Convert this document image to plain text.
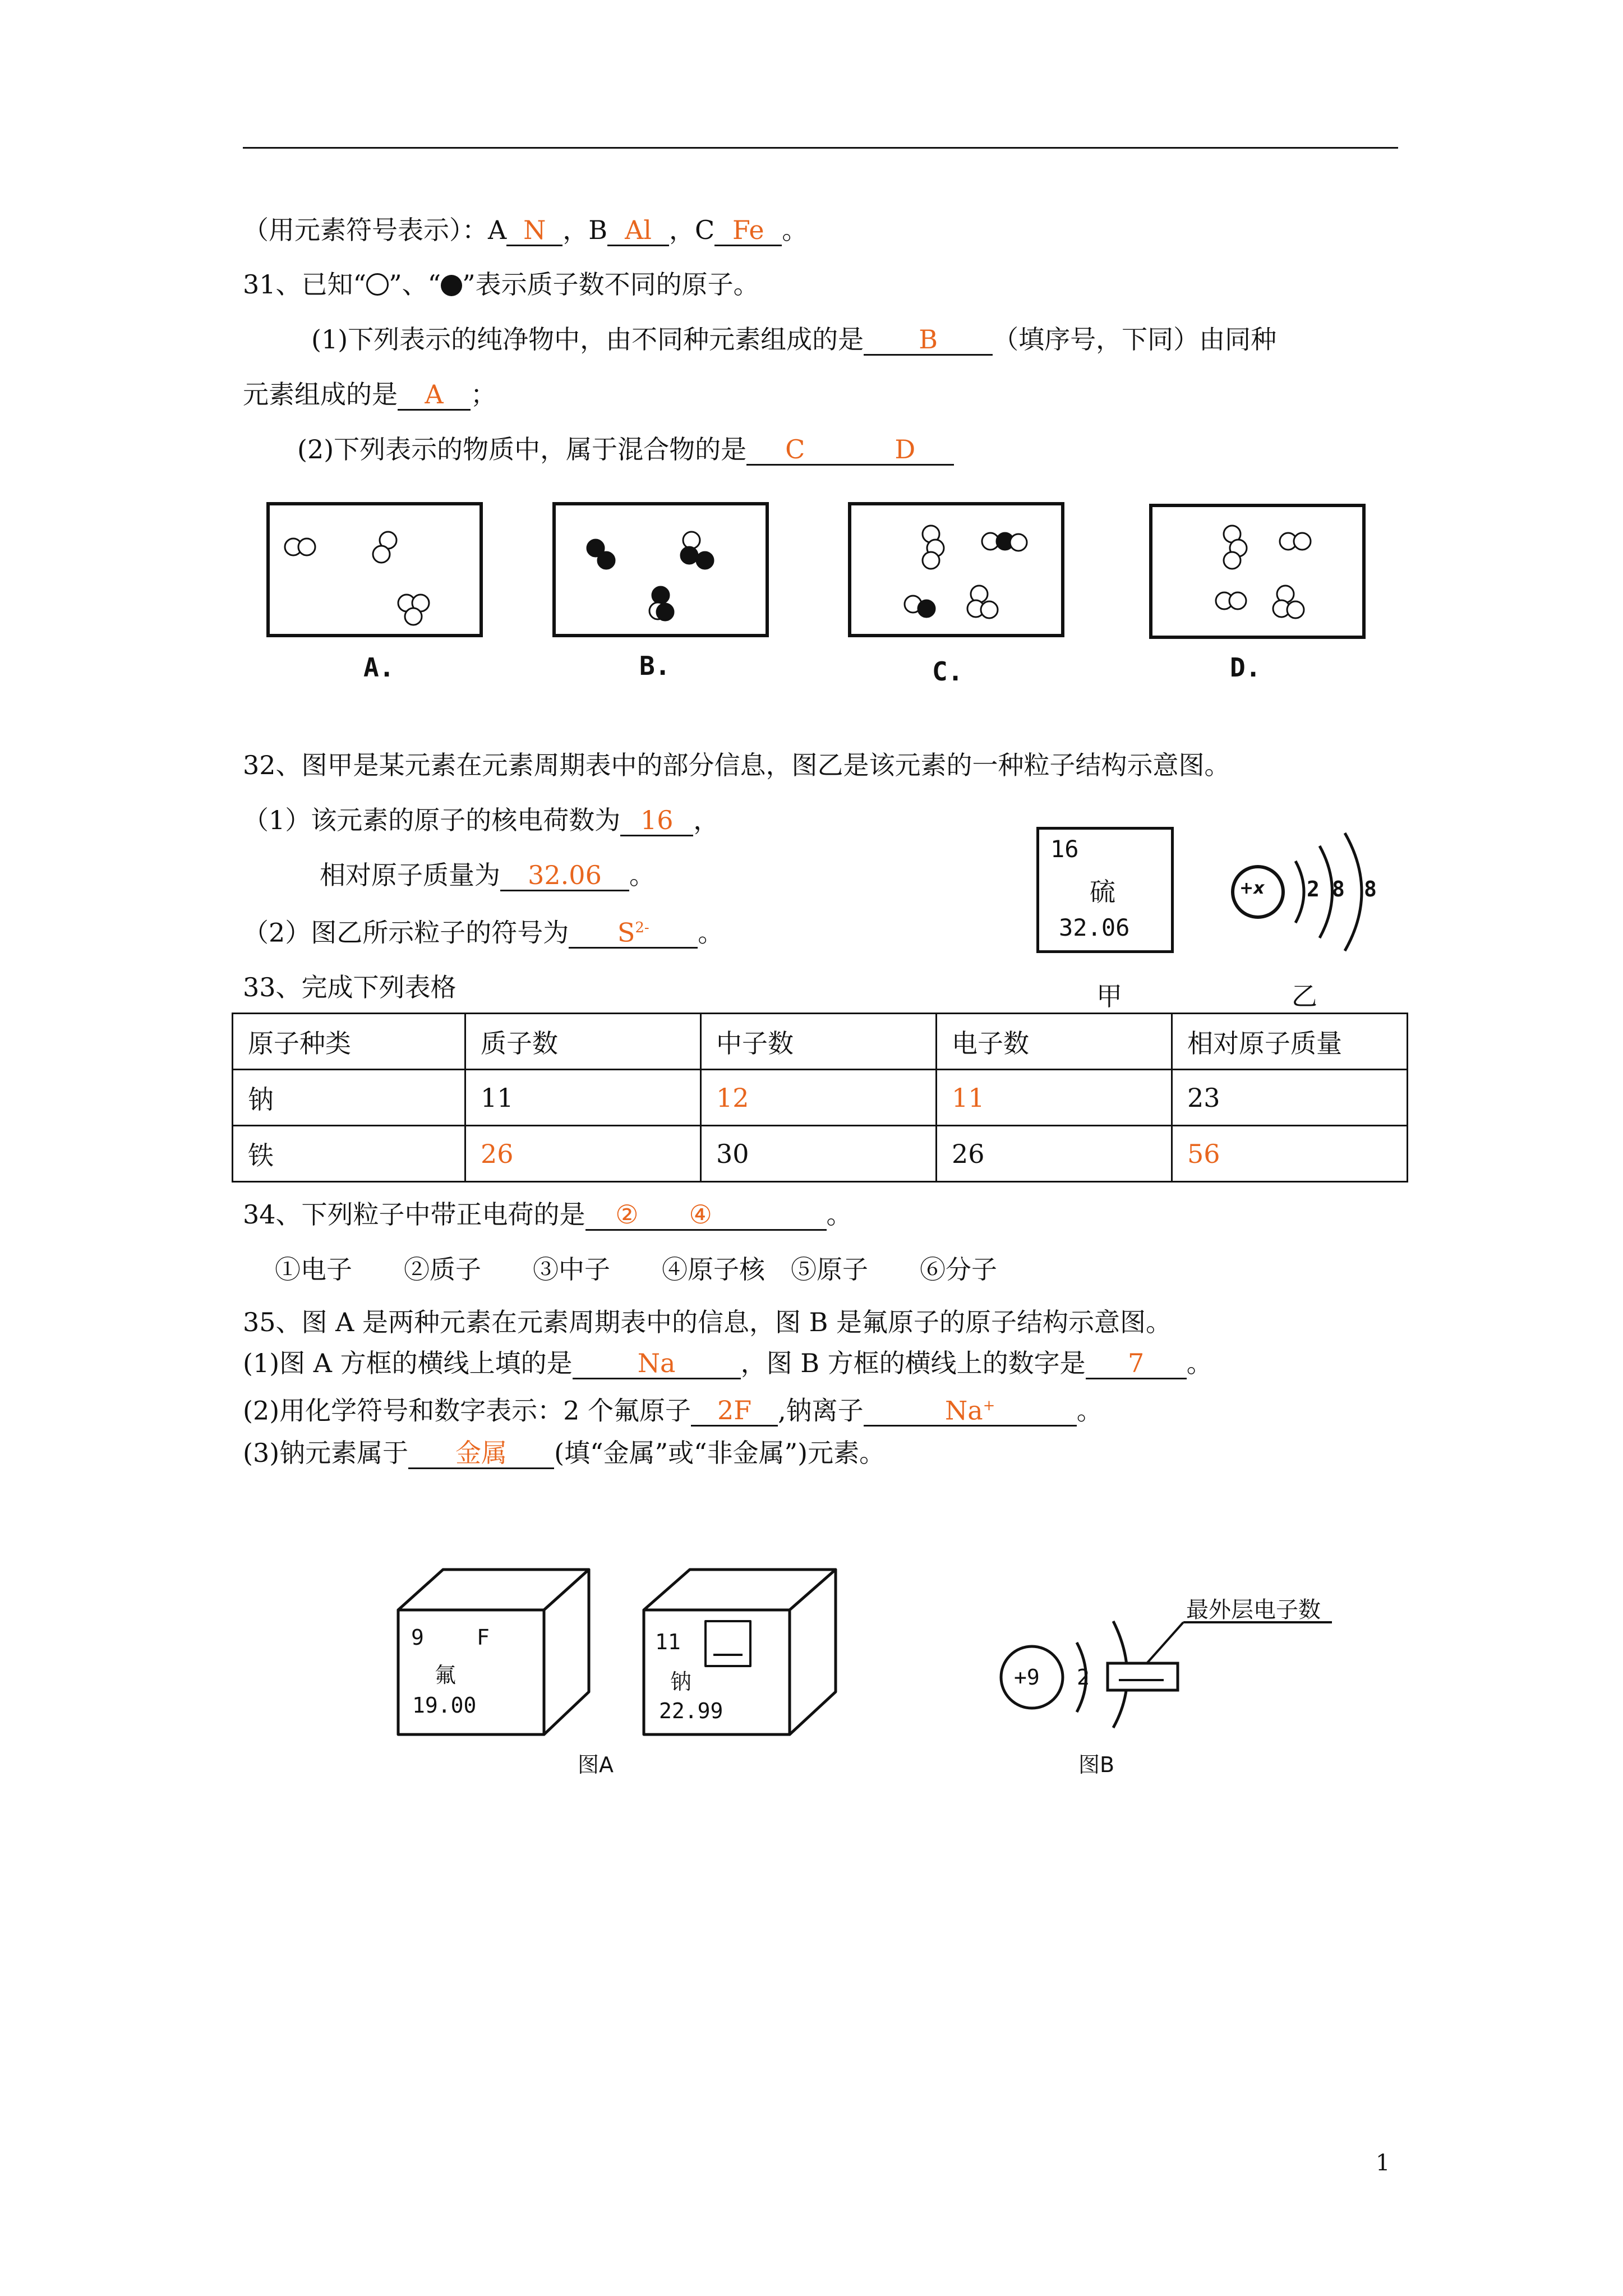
（用元素符号表示）：A N ，B Al ，C Fe 。
31、已知“ ”、“ ”表示质子数不同的原子。
(1)下列表示的纯净物中，由不同种元素组成的是 B （填序号，下同）由同种
元素组成的是 A ；
(2)下列表示的物质中，属于混合物的是 C	D
A.	B.	C.	D.
32、图甲是某元素在元素周期表中的部分信息，图乙是该元素的一种粒子结构示意图。
（1）该元素的原子的核电荷数为 16 ，
相对原子质量为 32.06 。
（2）图乙所示粒子的符号为 $S^{2-}$ 。
16
硫
32.06
+x 2 8 8
甲	乙
33、完成下列表格
原子种类	质子数	中子数	电子数	相对原子质量
钠	11	12	11	23
铁	26	30	26	56
34、下列粒子中带正电荷的是 ② ④	。
①电子　　②质子　　③中子　　④原子核　⑤原子　　⑥分子
35、图 A 是两种元素在元素周期表中的信息，图 B 是氟原子的原子结构示意图。
(1)图 A 方框的横线上填的是	Na	，图 B 方框的横线上的数字是 7 。
(2)用化学符号和数字表示：2 个氟原子 2F ,钠离子	Na+	。
(3)钠元素属于 金属 (填“金属”或“非金属”)元素。
9 F
氟
19.00
11
钠
22.99
图A
+9 2
最外层电子数
图B
1
